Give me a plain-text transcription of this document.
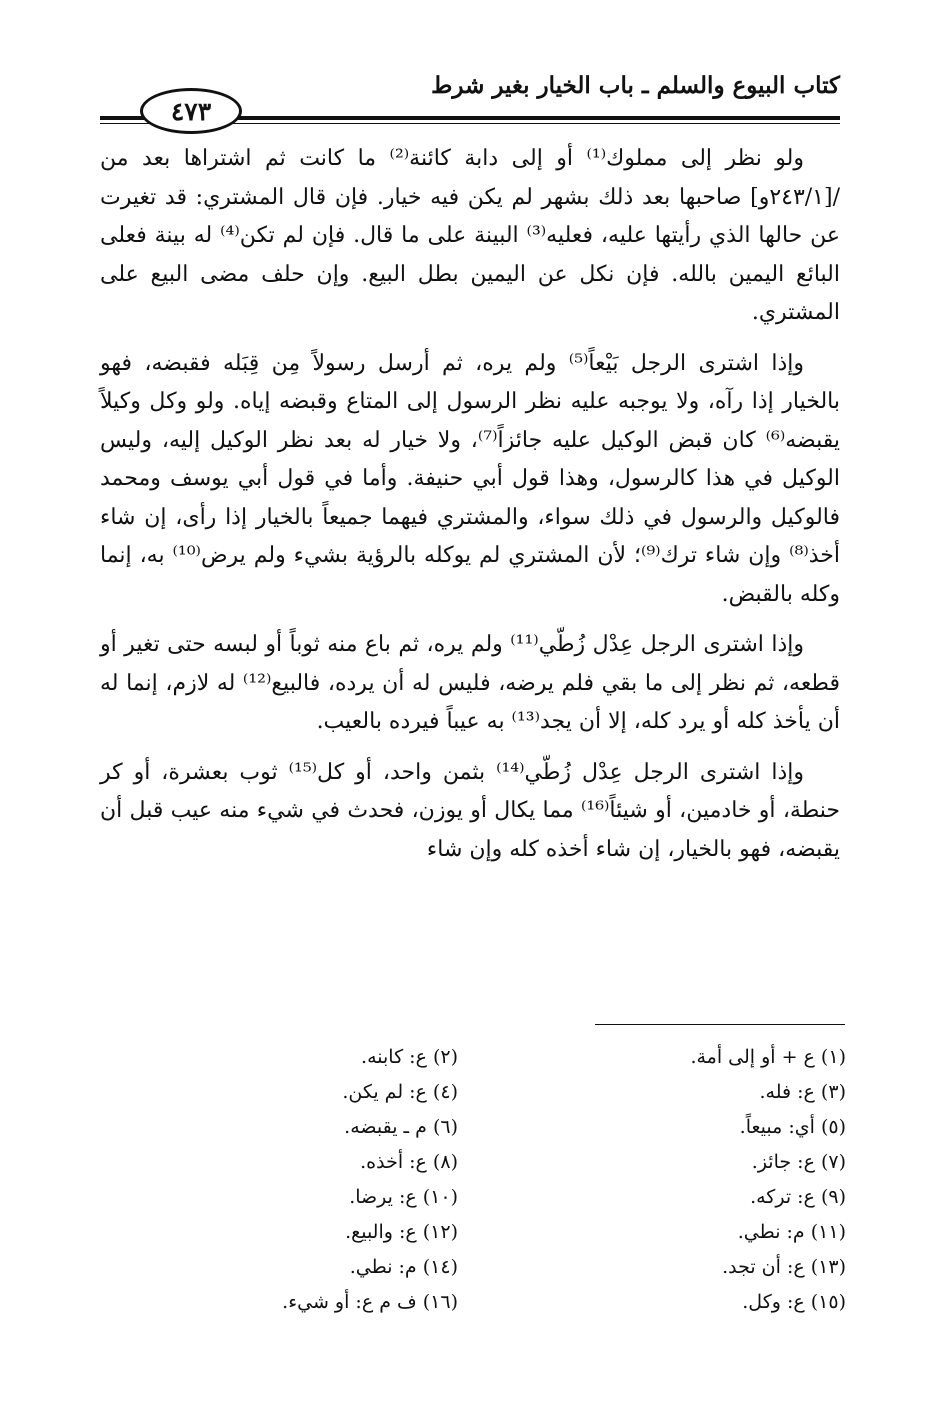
كتاب البيوع والسلم ـ باب الخيار بغير شرط
٤٧٣

ولو نظر إلى مملوك⁽¹⁾ أو إلى دابة كائنة⁽²⁾ ما كانت ثم اشتراها بعد من /[٢٤٣/١و] صاحبها بعد ذلك بشهر لم يكن فيه خيار. فإن قال المشتري: قد تغيرت عن حالها الذي رأيتها عليه، فعليه⁽³⁾ البينة على ما قال. فإن لم تكن⁽⁴⁾ له بينة فعلى البائع اليمين بالله. فإن نكل عن اليمين بطل البيع. وإن حلف مضى البيع على المشتري.

وإذا اشترى الرجل بَيْعاً⁽⁵⁾ ولم يره، ثم أرسل رسولاً مِن قِبَله فقبضه، فهو بالخيار إذا رآه، ولا يوجبه عليه نظر الرسول إلى المتاع وقبضه إياه. ولو وكل وكيلاً يقبضه⁽⁶⁾ كان قبض الوكيل عليه جائزاً⁽⁷⁾، ولا خيار له بعد نظر الوكيل إليه، وليس الوكيل في هذا كالرسول، وهذا قول أبي حنيفة. وأما في قول أبي يوسف ومحمد فالوكيل والرسول في ذلك سواء، والمشتري فيهما جميعاً بالخيار إذا رأى، إن شاء أخذ⁽⁸⁾ وإن شاء ترك⁽⁹⁾؛ لأن المشتري لم يوكله بالرؤية بشيء ولم يرض⁽¹⁰⁾ به، إنما وكله بالقبض.

وإذا اشترى الرجل عِدْل زُطّي⁽¹¹⁾ ولم يره، ثم باع منه ثوباً أو لبسه حتى تغير أو قطعه، ثم نظر إلى ما بقي فلم يرضه، فليس له أن يرده، فالبيع⁽¹²⁾ له لازم، إنما له أن يأخذ كله أو يرد كله، إلا أن يجد⁽¹³⁾ به عيباً فيرده بالعيب.

وإذا اشترى الرجل عِدْل زُطّي⁽¹⁴⁾ بثمن واحد، أو كل⁽¹⁵⁾ ثوب بعشرة، أو كر حنطة، أو خادمين، أو شيئاً⁽¹⁶⁾ مما يكال أو يوزن، فحدث في شيء منه عيب قبل أن يقبضه، فهو بالخيار، إن شاء أخذه كله وإن شاء

(١) ع + أو إلى أمة.
(٣) ع: فله.
(٥) أي: مبيعاً.
(٧) ع: جائز.
(٩) ع: تركه.
(١١) م: نطي.
(١٣) ع: أن تجد.
(١٥) ع: وكل.
(٢) ع: كابنه.
(٤) ع: لم يكن.
(٦) م ـ يقبضه.
(٨) ع: أخذه.
(١٠) ع: يرضا.
(١٢) ع: والبيع.
(١٤) م: نطي.
(١٦) ف م ع: أو شيء.
